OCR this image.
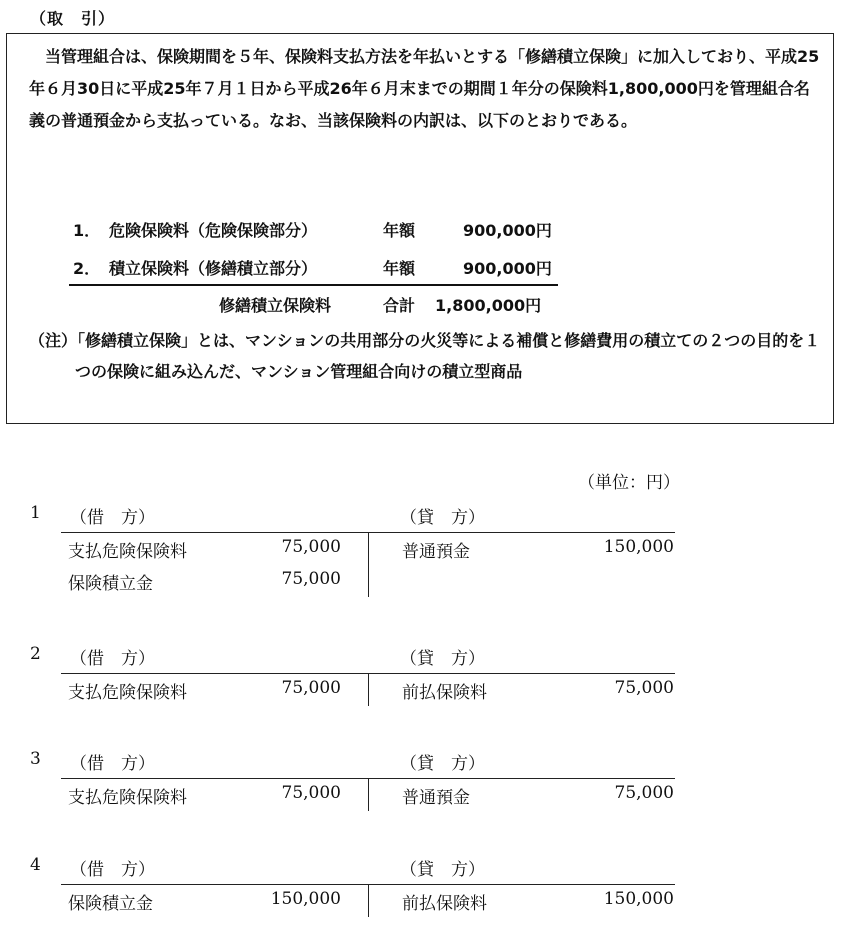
（取　引）

当管理組合は、保険期間を５年、保険料支払方法を年払いとする「修繕積立保険」に加入しており、平成25年６月30日に平成25年７月１日から平成26年６月末までの期間１年分の保険料1,800,000円を管理組合名義の普通預金から支払っている。なお、当該保険料の内訳は、以下のとおりである。

1． 危険保険料（危険保険部分）	年額	900,000円
2． 積立保険料（修繕積立部分）	年額	900,000円
修繕積立保険料	合計 1,800,000円
（注）「修繕積立保険」とは、マンションの共用部分の火災等による補償と修繕費用の積立ての２つの目的を１つの保険に組み込んだ、マンション管理組合向けの積立型商品
（単位：円）
1 （借　方）	（貸　方）
支払危険保険料	75,000	普通預金	150,000
保険積立金	75,000
2 （借　方）	（貸　方）
支払危険保険料	75,000	前払保険料	75,000
3 （借　方）	（貸　方）
支払危険保険料	75,000	普通預金	75,000
4 （借　方）	（貸　方）
保険積立金	150,000	前払保険料	150,000
